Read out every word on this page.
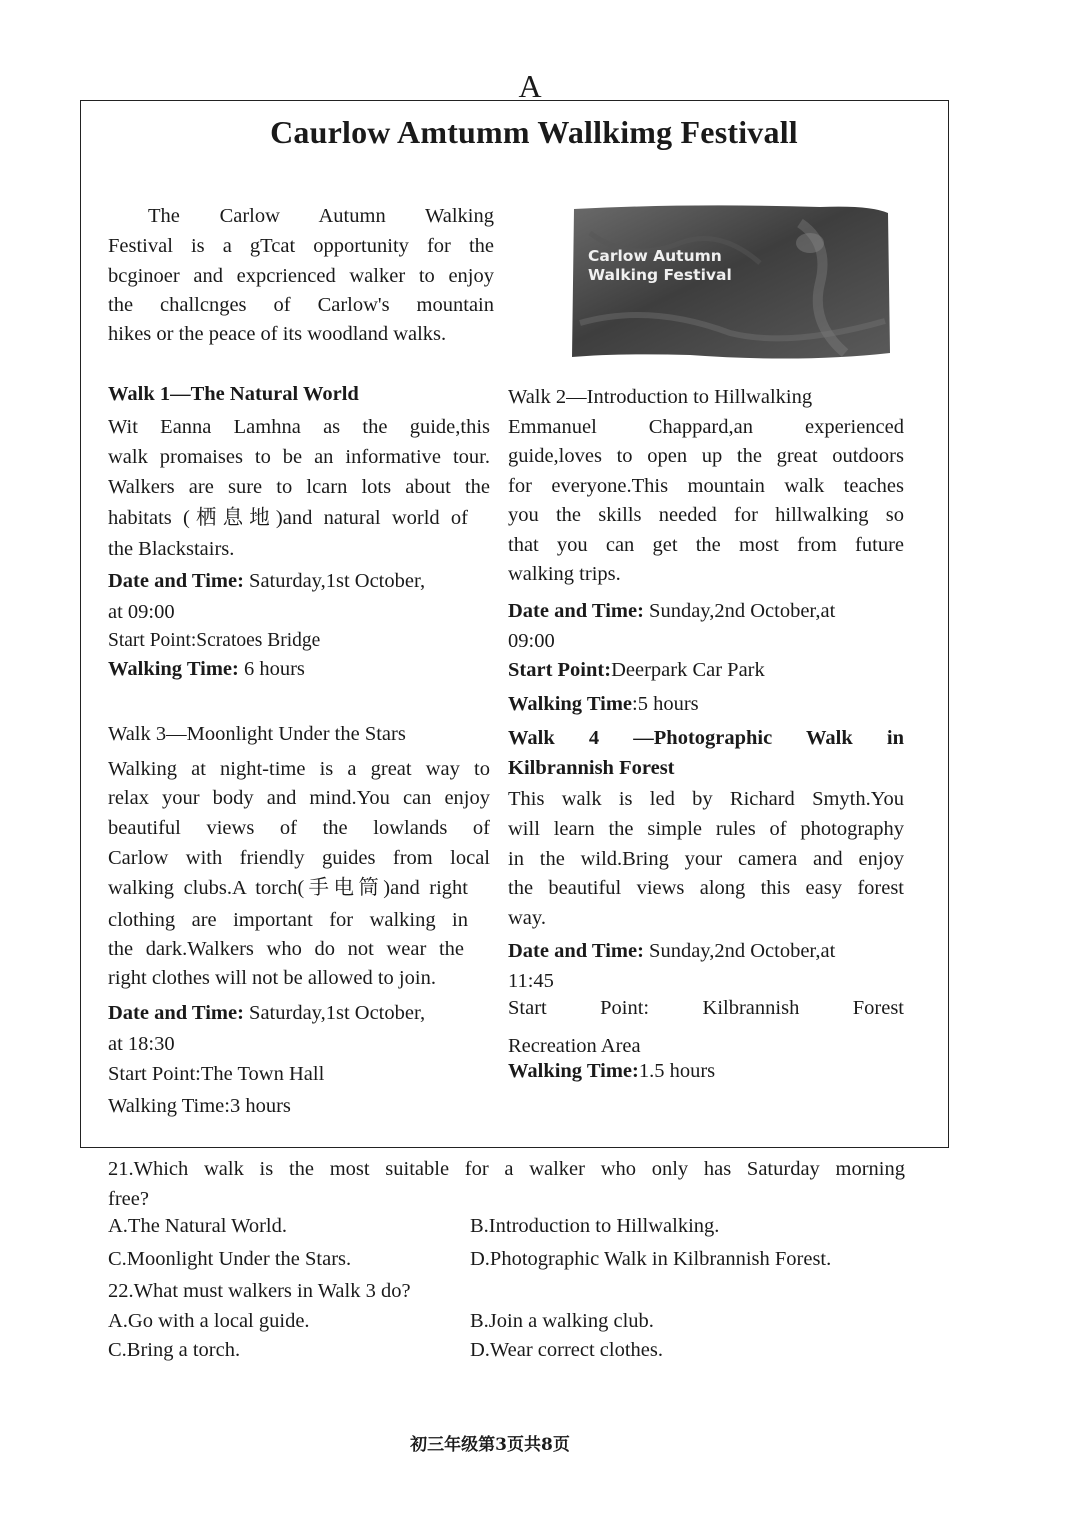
A
Caurlow Amtumm Wallkimg Festivall
The Carlow Autumn Walking
Festival is a gTcat opportunity for the
bcginoer and expcrienced walker to enjoy
the challcnges of Carlow's mountain
hikes or the peace of its woodland walks.
Carlow Autumn
Walking Festival
Walk 1—The Natural World
Wit Eanna Lamhna as the guide,this
walk promaises to be an informative tour.
Walkers are sure to lcarn lots about the
habitats (栖息地)and natural world of
the Blackstairs.
Date and Time: Saturday,1st October,
at 09:00
Start Point:Scratoes Bridge
Walking Time: 6 hours
Walk 2—Introduction to Hillwalking
Emmanuel Chappard,an experienced
guide,loves to open up the great outdoors
for everyone.This mountain walk teaches
you the skills needed for hillwalking so
that you can get the most from future
walking trips.
Date and Time: Sunday,2nd October,at
09:00
Start Point:Deerpark Car Park
Walking Time:5 hours
Walk 3—Moonlight Under the Stars
Walking at night-time is a great way to
relax your body and mind.You can enjoy
beautiful views of the lowlands of
Carlow with friendly guides from local
walking clubs.A torch(手电筒)and right
clothing are important for walking in
the dark.Walkers who do not wear the
right clothes will not be allowed to join.
Date and Time: Saturday,1st October,
at 18:30
Start Point:The Town Hall
Walking Time:3 hours
Walk 4 —Photographic Walk in
Kilbrannish Forest
This walk is led by Richard Smyth.You
will learn the simple rules of photography
in the wild.Bring your camera and enjoy
the beautiful views along this easy forest
way.
Date and Time: Sunday,2nd October,at
11:45
Start Point: Kilbrannish Forest
Recreation Area
Walking Time:1.5 hours
21.Which walk is the most suitable for a walker who only has Saturday morning
free?
A.The Natural World.	B.Introduction to Hillwalking.
C.Moonlight Under the Stars.	D.Photographic Walk in Kilbrannish Forest.
22.What must walkers in Walk 3 do?
A.Go with a local guide.	B.Join a walking club.
C.Bring a torch.	D.Wear correct clothes.
初三年级第3页共8页
